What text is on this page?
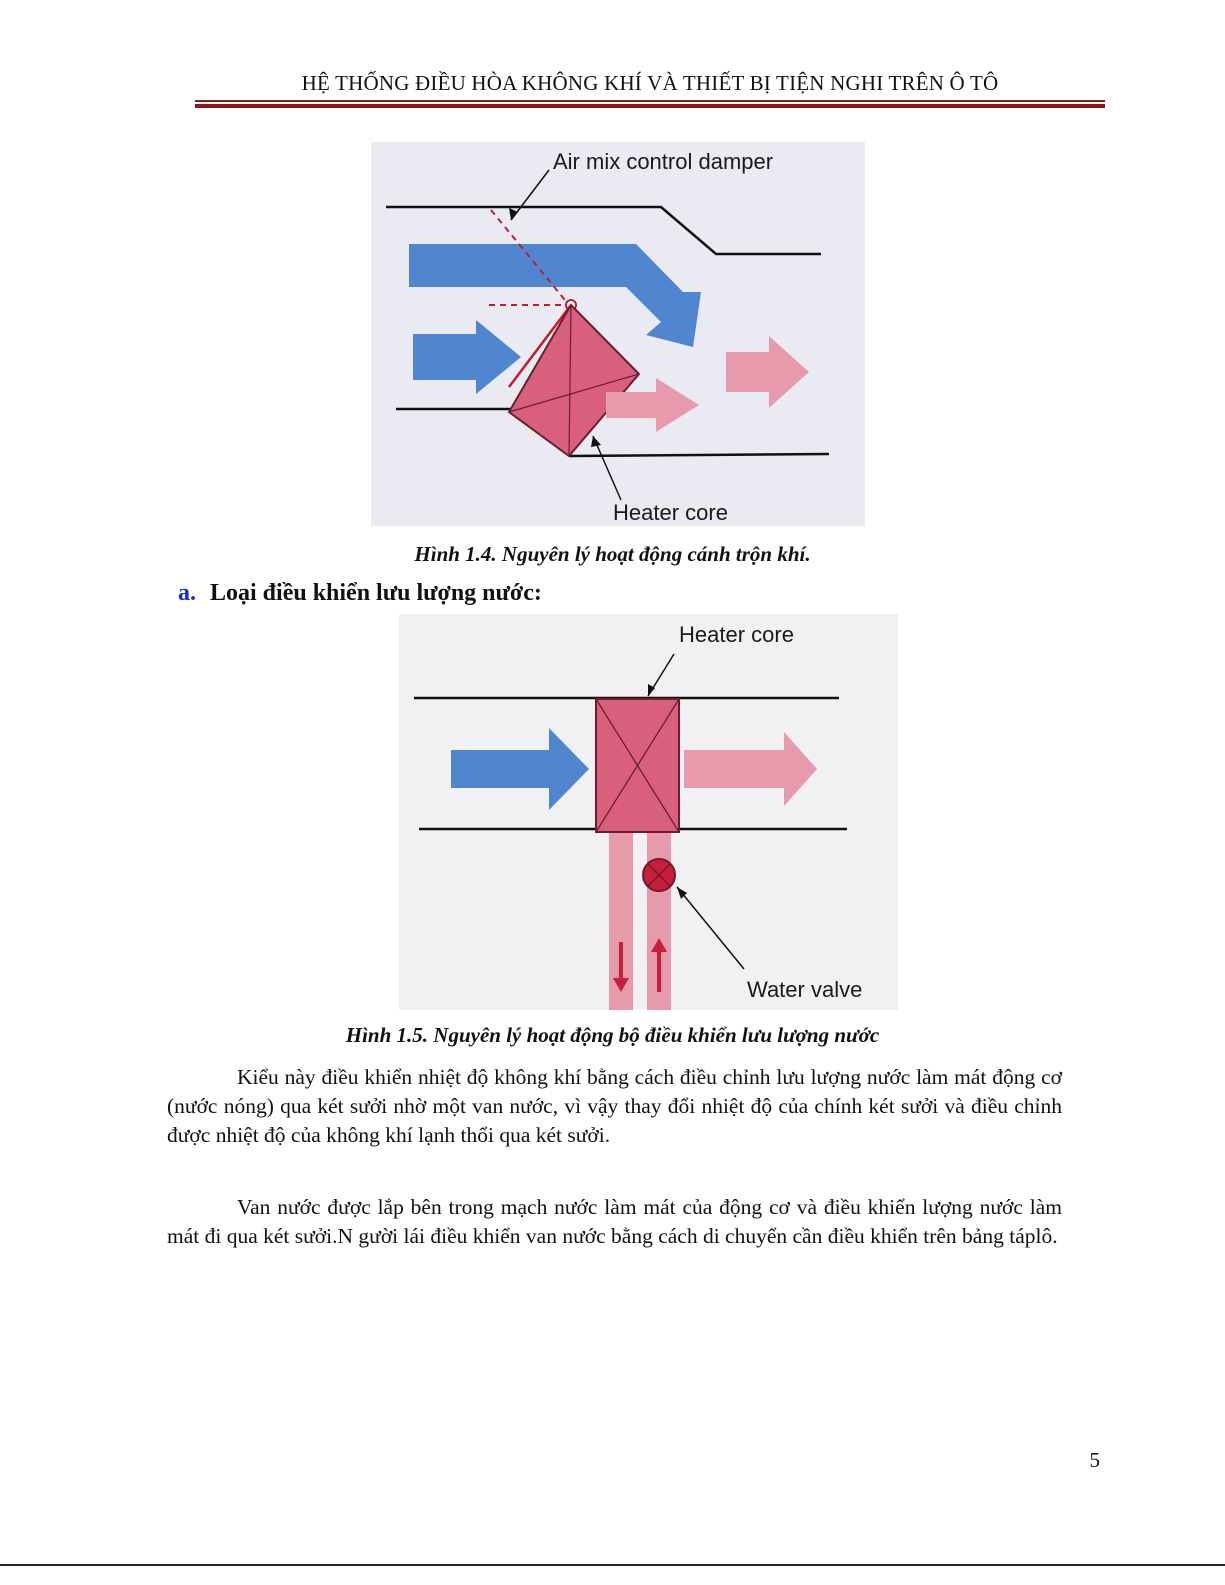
HỆ THỐNG ĐIỀU HÒA KHÔNG KHÍ VÀ THIẾT BỊ TIỆN NGHI TRÊN Ô TÔ
Air mix control damper
Heater core
Hình 1.4. Nguyên lý hoạt động cánh trộn khí.
a. Loại điều khiển lưu lượng nước:
Heater core
Water valve
Hình 1.5. Nguyên lý hoạt động bộ điều khiển lưu lượng nước

Kiểu này điều khiển nhiệt độ không khí bằng cách điều chỉnh lưu lượng nước làm mát động cơ (nước nóng) qua két sưởi nhờ một van nước, vì vậy thay đổi nhiệt độ của chính két sưởi và điều chỉnh được nhiệt độ của không khí lạnh thổi qua két sưởi.

Van nước được lắp bên trong mạch nước làm mát của động cơ và điều khiển lượng nước làm mát đi qua két sưởi.N gười lái điều khiển van nước bằng cách di chuyển cần điều khiển trên bảng táplô.

5
